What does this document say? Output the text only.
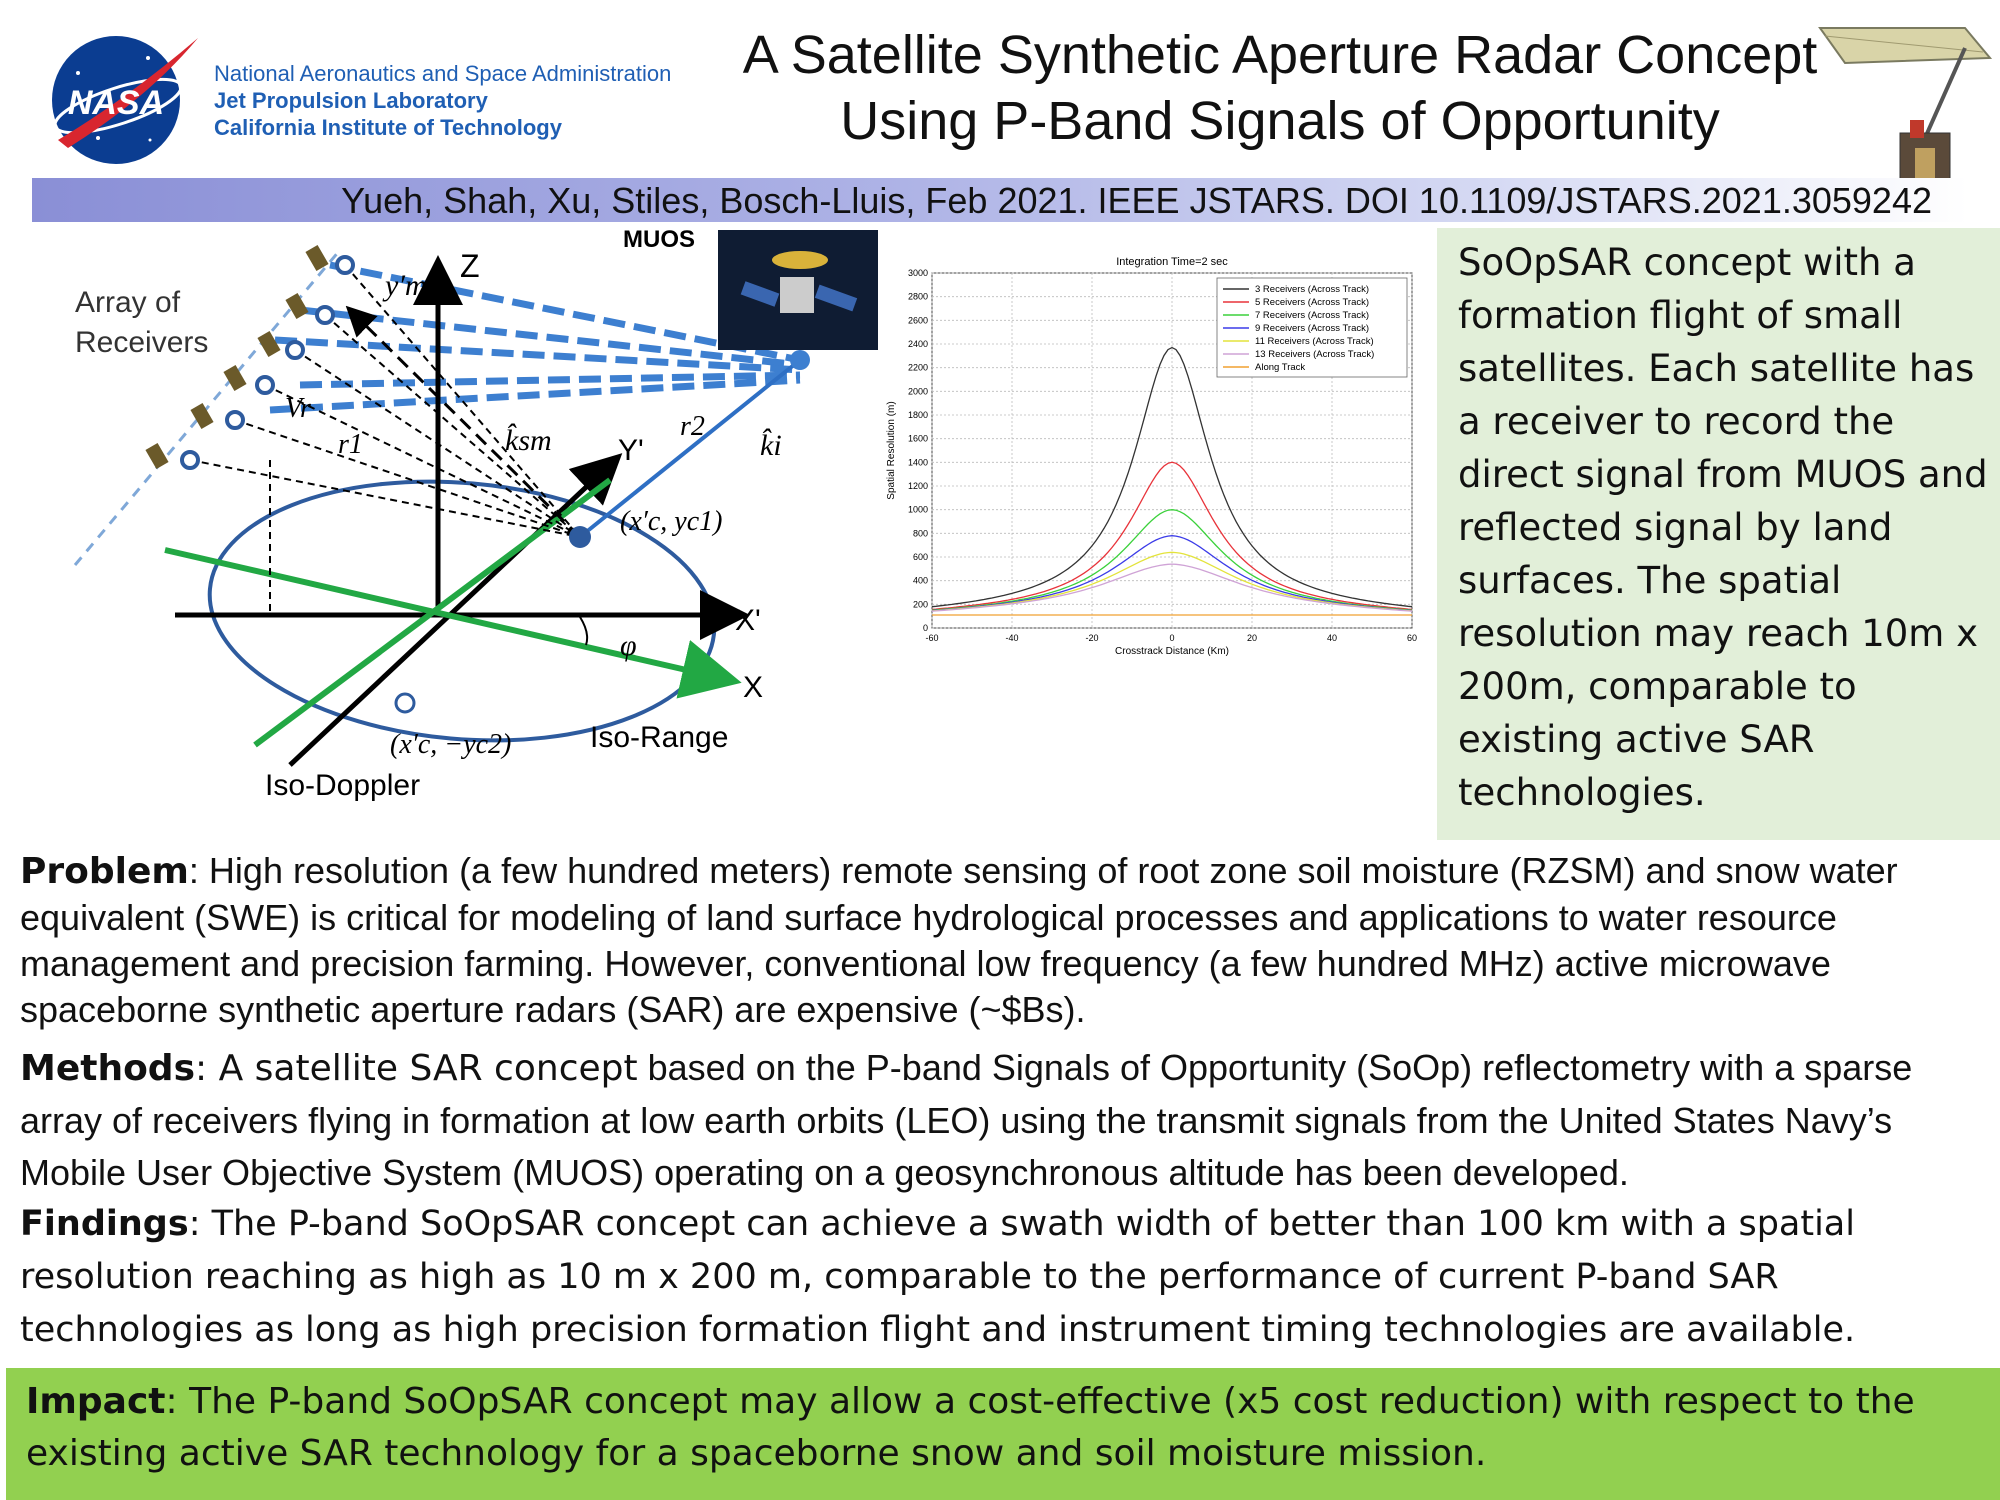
NASA
National Aeronautics and Space Administration
Jet Propulsion Laboratory
California Institute of Technology
A Satellite Synthetic Aperture Radar Concept
Using P-Band Signals of Opportunity
Yueh, Shah, Xu, Stiles, Bosch-Lluis, Feb 2021. IEEE JSTARS. DOI 10.1109/JSTARS.2021.3059242
Array of
Receivers
Z
MUOS
Y'
X'
X
Iso-Range
Iso-Doppler
y′m
Vr
r1
r2
k̂sm	k̂i
(x′c, yc1)
(x′c, −yc2)
φ
0
200
400
600
800
1000
1200
1400
1600
1800
2000
2200
2400
2600
2800
3000
-60	-40	-20	0	20	40	60
Integration Time=2 sec
Crosstrack Distance (Km)
Spatial Resolution (m)
3 Receivers (Across Track)
5 Receivers (Across Track)
7 Receivers (Across Track)
9 Receivers (Across Track)
11 Receivers (Across Track)
13 Receivers (Across Track)
Along Track
SoOpSAR concept with a formation flight of small satellites. Each satellite has a receiver to record the direct signal from MUOS and reflected signal by land surfaces. The spatial resolution may reach 10m x 200m, comparable to existing active SAR technologies.
Problem: High resolution (a few hundred meters) remote sensing of root zone soil moisture (RZSM) and snow water equivalent (SWE) is critical for modeling of land surface hydrological processes and applications to water resource management and precision farming. However, conventional low frequency (a few hundred MHz) active microwave spaceborne synthetic aperture radars (SAR) are expensive (~$Bs).
Methods: A satellite SAR concept based on the P-band Signals of Opportunity (SoOp) reflectometry with a sparse array of receivers flying in formation at low earth orbits (LEO) using the transmit signals from the United States Navy’s Mobile User Objective System (MUOS) operating on a geosynchronous altitude has been developed.
Findings: The P-band SoOpSAR concept can achieve a swath width of better than 100 km with a spatial resolution reaching as high as 10 m x 200 m, comparable to the performance of current P-band SAR technologies as long as high precision formation flight and instrument timing technologies are available.
Impact: The P-band SoOpSAR concept may allow a cost-effective (x5 cost reduction) with respect to the existing active SAR technology for a spaceborne snow and soil moisture mission.
